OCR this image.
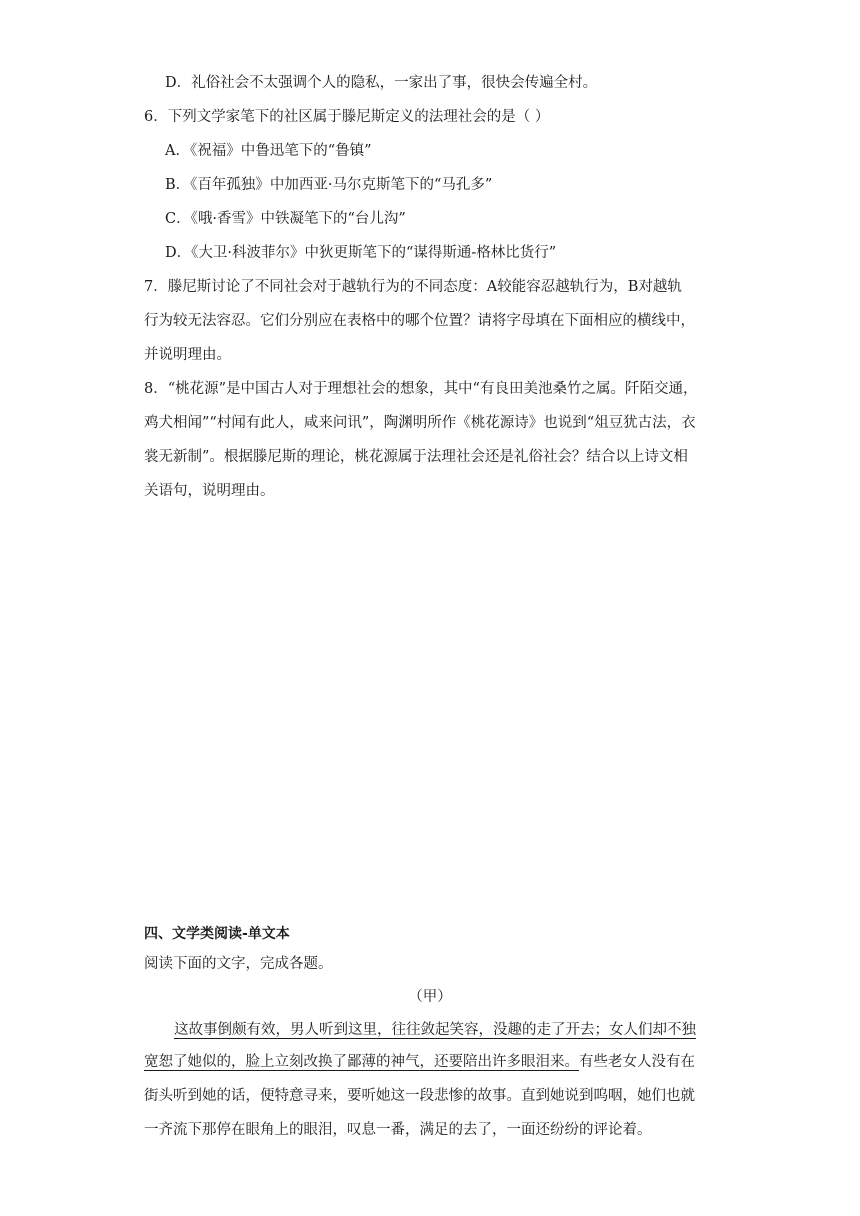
D．礼俗社会不太强调个人的隐私，一家出了事，很快会传遍全村。
6．下列文学家笔下的社区属于滕尼斯定义的法理社会的是（ ）
A．《祝福》中鲁迅笔下的“鲁镇”
B．《百年孤独》中加西亚·马尔克斯笔下的“马孔多”
C．《哦·香雪》中铁凝笔下的“台儿沟”
D．《大卫·科波菲尔》中狄更斯笔下的“谋得斯通-格林比货行”
7．滕尼斯讨论了不同社会对于越轨行为的不同态度：A较能容忍越轨行为，B对越轨
行为较无法容忍。它们分别应在表格中的哪个位置？请将字母填在下面相应的横线中，
并说明理由。
8．“桃花源”是中国古人对于理想社会的想象，其中“有良田美池桑竹之属。阡陌交通，
鸡犬相闻”“村闻有此人，咸来问讯”，陶渊明所作《桃花源诗》也说到“俎豆犹古法，衣
裳无新制”。根据滕尼斯的理论，桃花源属于法理社会还是礼俗社会？结合以上诗文相
关语句，说明理由。
四、文学类阅读-单文本
阅读下面的文字，完成各题。
（甲）
这故事倒颇有效，男人听到这里，往往敛起笑容，没趣的走了开去；女人们却不独
宽恕了她似的，脸上立刻改换了鄙薄的神气，还要陪出许多眼泪来。有些老女人没有在
街头听到她的话，便特意寻来，要听她这一段悲惨的故事。直到她说到呜咽，她们也就
一齐流下那停在眼角上的眼泪，叹息一番，满足的去了，一面还纷纷的评论着。
